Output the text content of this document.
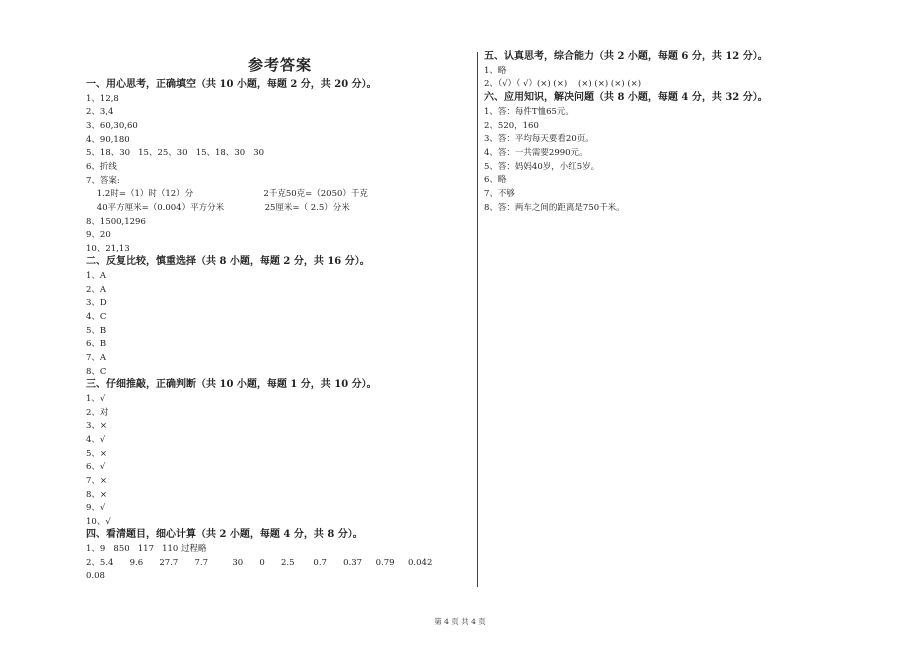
参考答案
一、用心思考，正确填空（共 10 小题，每题 2 分，共 20 分）。
1、12,8
2、3,4
3、60,30,60
4、90,180
5、18、30   15、25、30   15、18、30   30
6、折线
7、答案:
1.2时=（1）时（12）分                          2千克50克=（2050）千克
40平方厘米=（0.004）平方分米               25厘米=（ 2.5）分米
8、1500,1296
9、20
10、21,13
二、反复比较，慎重选择（共 8 小题，每题 2 分，共 16 分）。
1、A
2、A
3、D
4、C
5、B
6、B
7、A
8、C
三、仔细推敲，正确判断（共 10 小题，每题 1 分，共 10 分）。
1、√
2、对
3、×
4、√
5、×
6、√
7、×
8、×
9、√
10、√
四、看清题目，细心计算（共 2 小题，每题 4 分，共 8 分）。
1、9   850   117   110 过程略
2、5.4      9.6      27.7      7.7         30      0      2.5       0.7      0.37     0.79     0.042
0.08
五、认真思考，综合能力（共 2 小题，每题 6 分，共 12 分）。
1、略
2、（√）（ √）(×) (×)    (×) (×) (×) (×)
六、应用知识，解决问题（共 8 小题，每题 4 分，共 32 分）。
1、答：每件T恤65元。
2、520，160
3、答：平均每天要看20页。
4、答：一共需要2990元。
5、答：妈妈40岁，小红5岁。
6、略
7、不够
8、答：两车之间的距离是750千米。
第 4 页 共 4 页
